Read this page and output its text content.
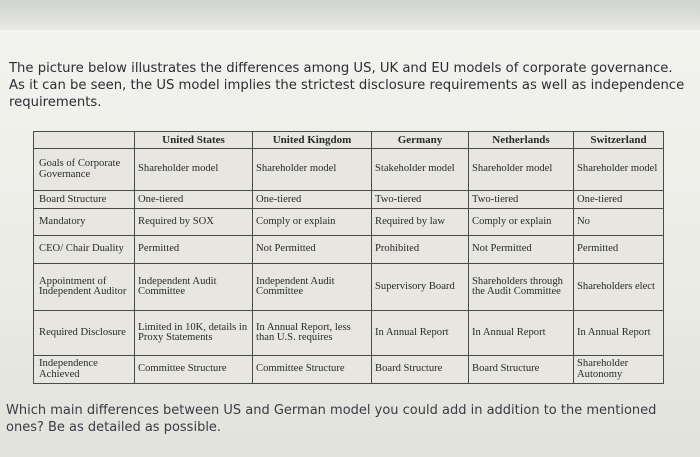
The picture below illustrates the differences among US, UK and EU models of corporate governance. As it can be seen, the US model implies the strictest disclosure requirements as well as independence requirements.
	United States	United Kingdom	Germany	Netherlands	Switzerland
Goals of Corporate Governance	Shareholder model	Shareholder model	Stakeholder model	Shareholder model	Shareholder model
Board Structure	One-tiered	One-tiered	Two-tiered	Two-tiered	One-tiered
Mandatory	Required by SOX	Comply or explain	Required by law	Comply or explain	No
CEO/ Chair Duality	Permitted	Not Permitted	Prohibited	Not Permitted	Permitted
Appointment of Independent Auditor	Independent Audit Committee	Independent Audit Committee	Supervisory Board	Shareholders through the Audit Committee	Shareholders elect
Required Disclosure	Limited in 10K, details in Proxy Statements	In Annual Report, less than U.S. requires	In Annual Report	In Annual Report	In Annual Report
Independence Achieved	Committee Structure	Committee Structure	Board Structure	Board Structure	Shareholder Autonomy
Which main differences between US and German model you could add in addition to the mentioned ones? Be as detailed as possible.
